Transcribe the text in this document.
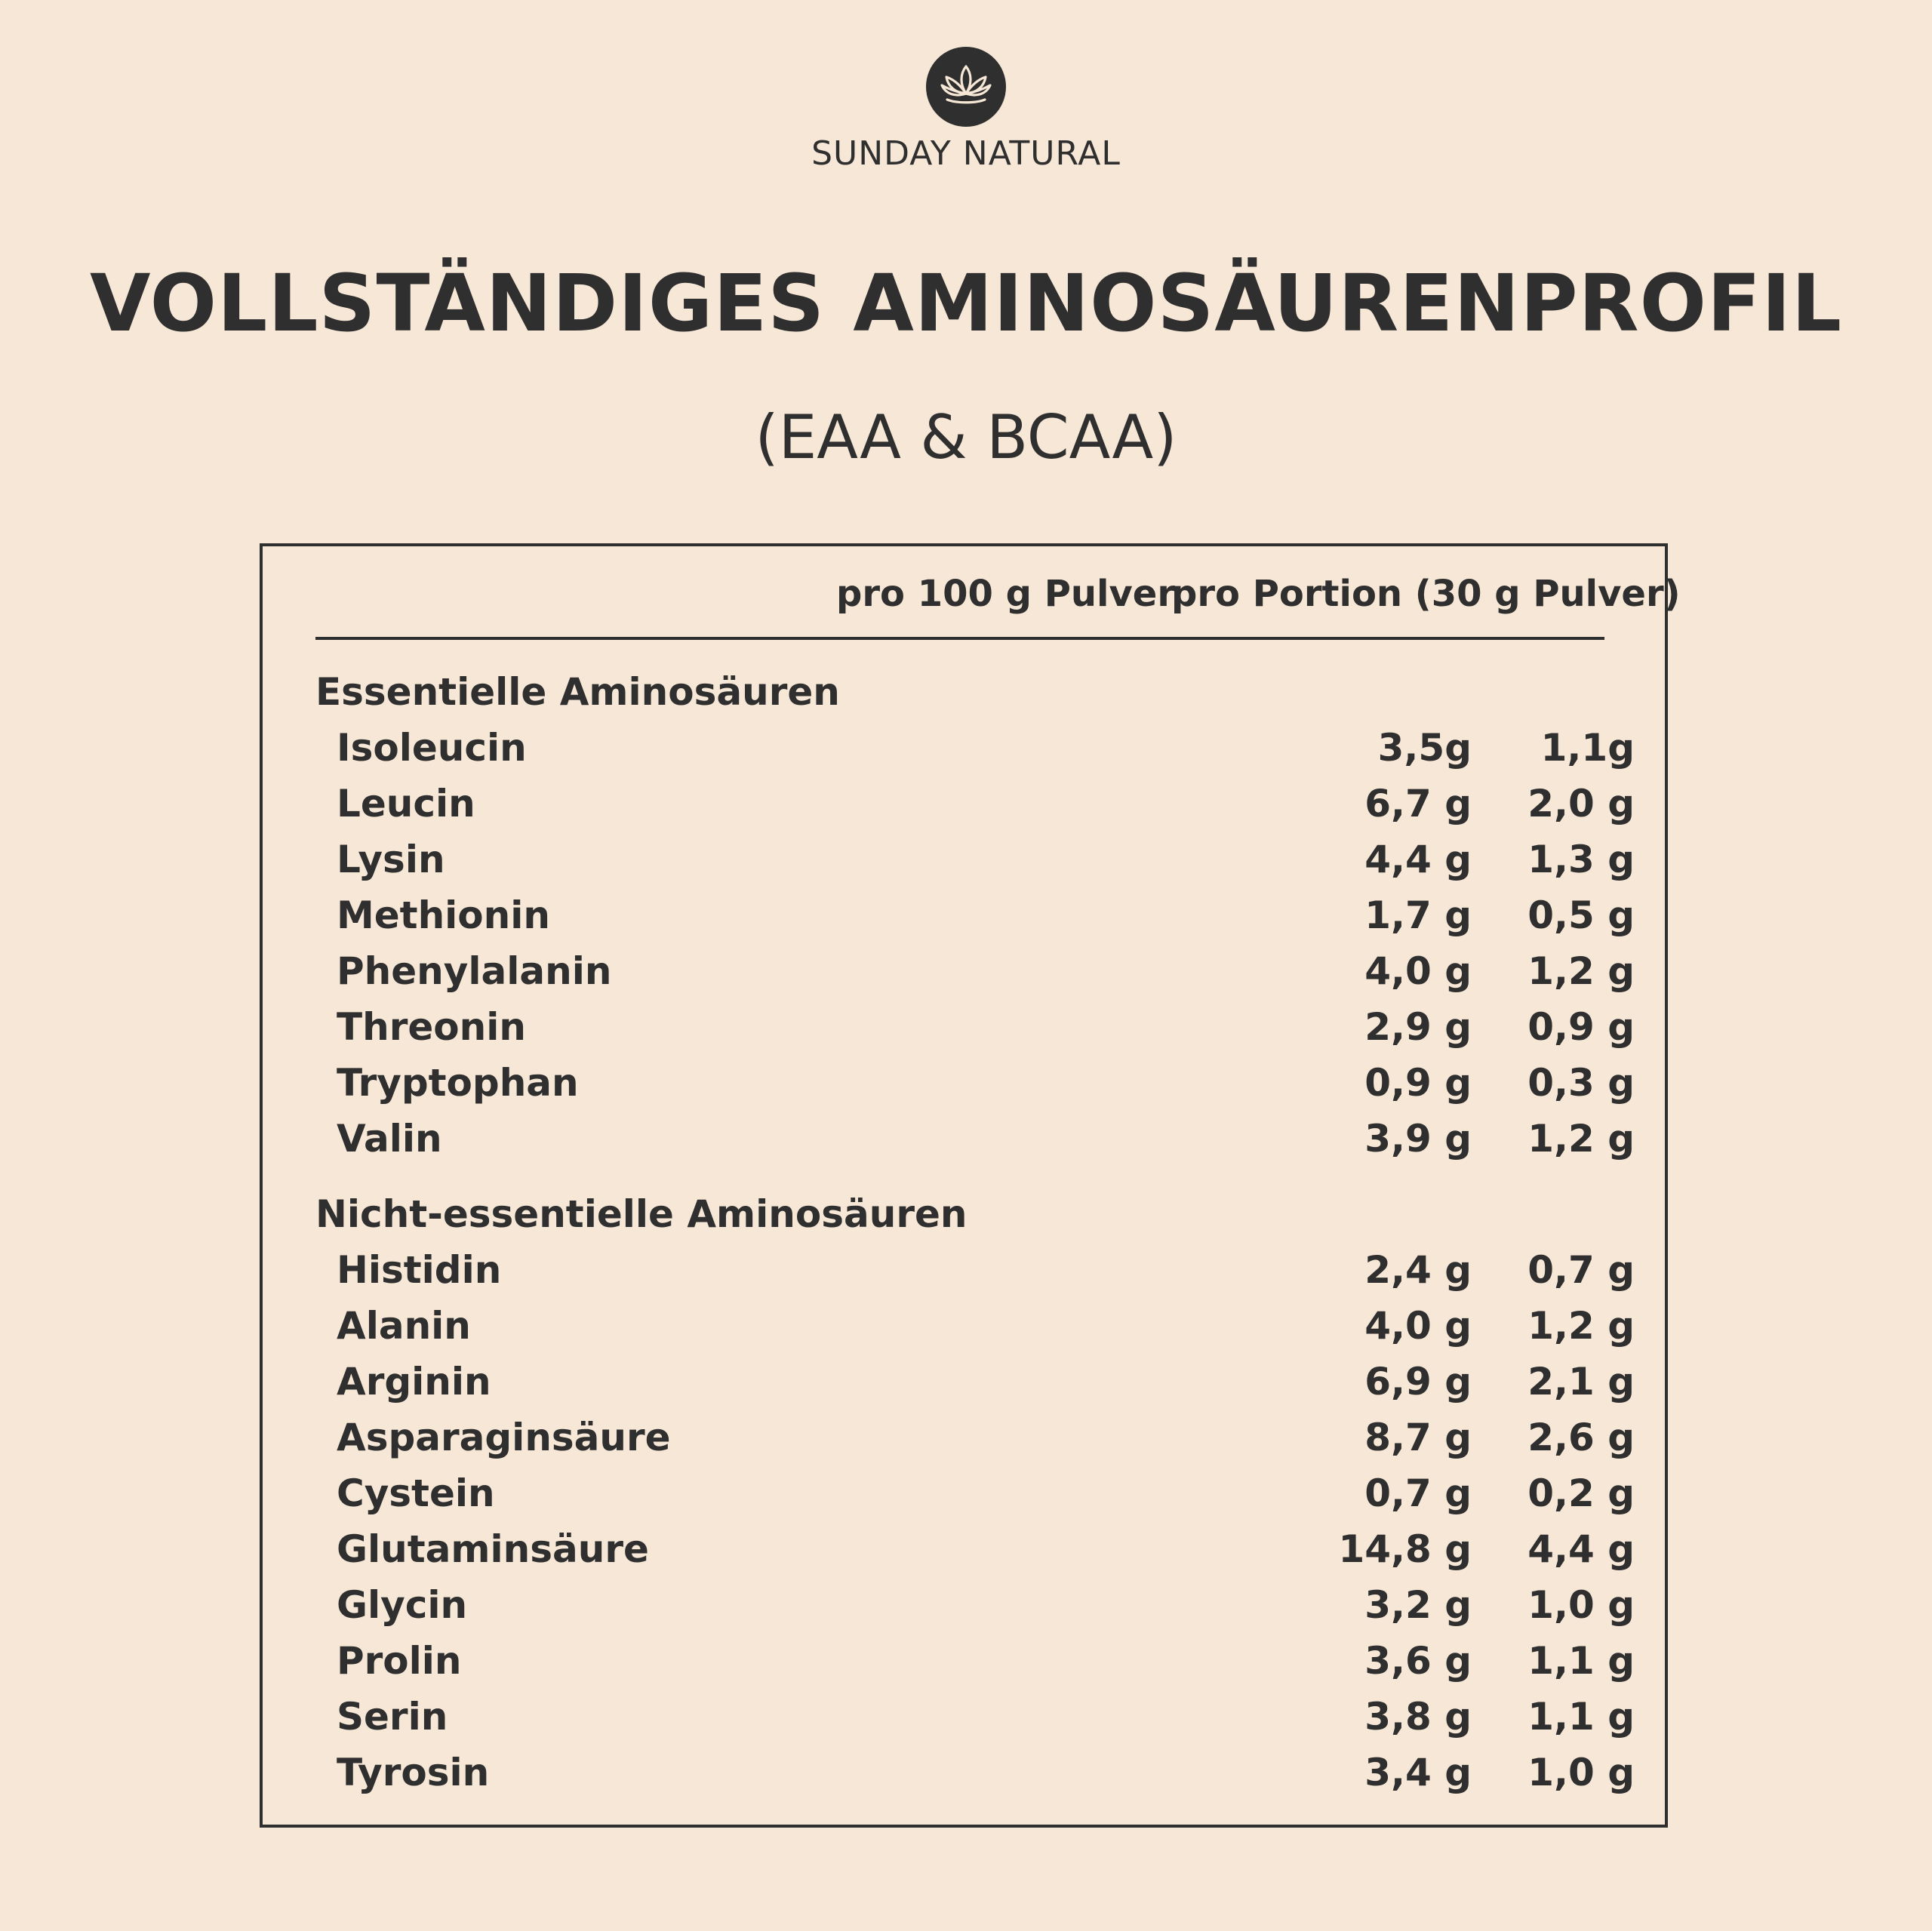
SUNDAY NATURAL
VOLLSTÄNDIGES AMINOSÄURENPROFIL
(EAA & BCAA)
pro 100 g Pulver
pro Portion (30 g Pulver)
Essentielle Aminosäuren
Isoleucin	3,5g 1,1g
Leucin	6,7 g 2,0 g
Lysin	4,4 g 1,3 g
Methionin	1,7 g 0,5 g
Phenylalanin	4,0 g 1,2 g
Threonin	2,9 g 0,9 g
Tryptophan	0,9 g 0,3 g
Valin	3,9 g 1,2 g
Nicht-essentielle Aminosäuren
Histidin	2,4 g 0,7 g
Alanin	4,0 g 1,2 g
Arginin	6,9 g 2,1 g
Asparaginsäure	8,7 g 2,6 g
Cystein	0,7 g 0,2 g
Glutaminsäure	14,8 g 4,4 g
Glycin	3,2 g 1,0 g
Prolin	3,6 g 1,1 g
Serin	3,8 g 1,1 g
Tyrosin	3,4 g 1,0 g
